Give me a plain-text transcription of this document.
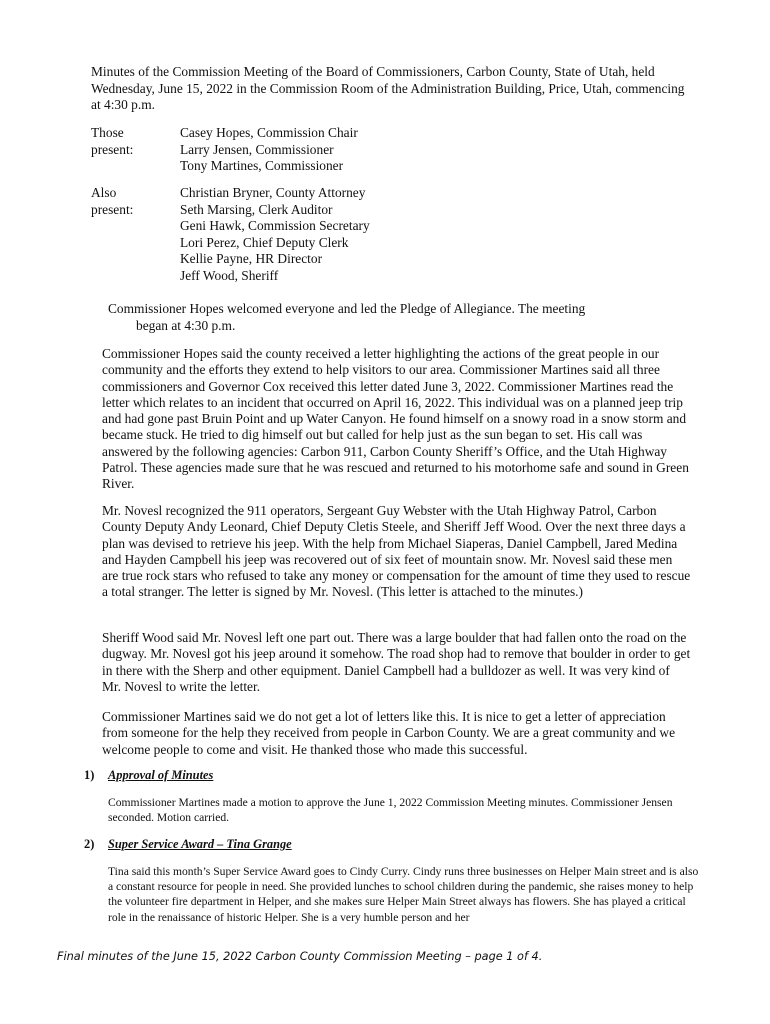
Minutes of the Commission Meeting of the Board of Commissioners, Carbon County, State of Utah, held Wednesday, June 15, 2022 in the Commission Room of the Administration Building, Price, Utah, commencing at 4:30 p.m.
Those present:
Casey Hopes, Commission Chair
Larry Jensen, Commissioner
Tony Martines, Commissioner
Also present:
Christian Bryner, County Attorney
Seth Marsing, Clerk Auditor
Geni Hawk, Commission Secretary
Lori Perez, Chief Deputy Clerk
Kellie Payne, HR Director
Jeff Wood, Sheriff
Commissioner Hopes welcomed everyone and led the Pledge of Allegiance. The meeting
began at 4:30 p.m.
Commissioner Hopes said the county received a letter highlighting the actions of the great people in our community and the efforts they extend to help visitors to our area. Commissioner Martines said all three commissioners and Governor Cox received this letter dated June 3, 2022. Commissioner Martines read the letter which relates to an incident that occurred on April 16, 2022. This individual was on a planned jeep trip and had gone past Bruin Point and up Water Canyon. He found himself on a snowy road in a snow storm and became stuck. He tried to dig himself out but called for help just as the sun began to set. His call was answered by the following agencies: Carbon 911, Carbon County Sheriff’s Office, and the Utah Highway Patrol. These agencies made sure that he was rescued and returned to his motorhome safe and sound in Green River.
Mr. Novesl recognized the 911 operators, Sergeant Guy Webster with the Utah Highway Patrol, Carbon County Deputy Andy Leonard, Chief Deputy Cletis Steele, and Sheriff Jeff Wood. Over the next three days a plan was devised to retrieve his jeep. With the help from Michael Siaperas, Daniel Campbell, Jared Medina and Hayden Campbell his jeep was recovered out of six feet of mountain snow. Mr. Novesl said these men are true rock stars who refused to take any money or compensation for the amount of time they used to rescue a total stranger. The letter is signed by Mr. Novesl. (This letter is attached to the minutes.)
Sheriff Wood said Mr. Novesl left one part out. There was a large boulder that had fallen onto the road on the dugway. Mr. Novesl got his jeep around it somehow. The road shop had to remove that boulder in order to get in there with the Sherp and other equipment. Daniel Campbell had a bulldozer as well. It was very kind of Mr. Novesl to write the letter.
Commissioner Martines said we do not get a lot of letters like this. It is nice to get a letter of appreciation from someone for the help they received from people in Carbon County. We are a great community and we welcome people to come and visit. He thanked those who made this successful.
1) Approval of Minutes
Commissioner Martines made a motion to approve the June 1, 2022 Commission Meeting minutes. Commissioner Jensen seconded. Motion carried.
2) Super Service Award – Tina Grange
Tina said this month’s Super Service Award goes to Cindy Curry. Cindy runs three businesses on Helper Main street and is also a constant resource for people in need. She provided lunches to school children during the pandemic, she raises money to help the volunteer fire department in Helper, and she makes sure Helper Main Street always has flowers. She has played a critical role in the renaissance of historic Helper. She is a very humble person and her
Final minutes of the June 15, 2022 Carbon County Commission Meeting – page 1 of 4.
